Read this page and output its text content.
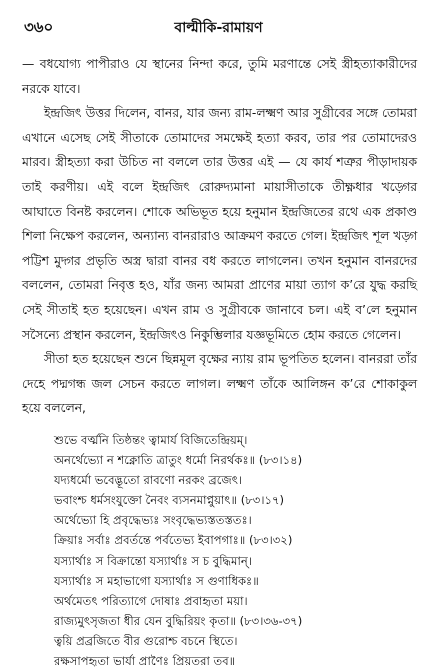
৩৬০	বাল্মীকি-রামায়ণ

— বধযোগ্য পাপীরাও যে স্থানের নিন্দা করে, তুমি মরণান্তে সেই স্ত্রীহত্যাকারীদের নরকে যাবে।

ইন্দ্রজিৎ উত্তর দিলেন, বানর, যার জন্য রাম-লক্ষ্মণ আর সুগ্রীবের সঙ্গে তোমরা এখানে এসেছ সেই সীতাকে তোমাদের সমক্ষেই হত্যা করব, তার পর তোমাদেরও মারব। স্ত্রীহত্যা করা উচিত না বললে তার উত্তর এই — যে কার্য শত্রুর পীড়াদায়ক তাই করণীয়। এই বলে ইন্দ্রজিৎ রোরুদ্যমানা মায়াসীতাকে তীক্ষ্ণধার খড়্গের আঘাতে বিনষ্ট করলেন। শোকে অভিভূত হয়ে হনুমান ইন্দ্রজিতের রথে এক প্রকাণ্ড শিলা নিক্ষেপ করলেন, অন্যান্য বানরারাও আক্রমণ করতে গেল। ইন্দ্রজিৎ শূল খড়্গ পট্টিশ মুদ্গর প্রভৃতি অস্ত্র দ্বারা বানর বধ করতে লাগলেন। তখন হনুমান বানরদের বললেন, তোমরা নিবৃত্ত হও, যাঁর জন্য আমরা প্রাণের মায়া ত্যাগ ক’রে যুদ্ধ করছি সেই সীতাই হত হয়েছেন। এখন রাম ও সুগ্রীবকে জানাবে চল। এই ব’লে হনুমান সসৈন্যে প্রস্থান করলেন, ইন্দ্রজিৎও নিকুম্ভিলার যজ্ঞভূমিতে হোম করতে গেলেন।

সীতা হত হয়েছেন শুনে ছিন্নমূল বৃক্ষের ন্যায় রাম ভূপতিত হলেন। বানররা তাঁর দেহে পদ্মগন্ধ জল সেচন করতে লাগল। লক্ষ্মণ তাঁকে আলিঙ্গন ক’রে শোকাকুল হয়ে বললেন,

শুভে বর্ত্মনি তিষ্ঠন্তং ত্বামার্য বিজিতেন্দ্রিয়ম্।
অনর্থেভ্যো ন শক্নোতি ত্রাতুং ধর্মো নিরর্থকঃ॥ (৮৩।১৪)
যদ্যধর্মো ভবেদ্ভূতো রাবণো নরকং ব্রজেৎ।
ভবাংশ্চ ধর্মসংযুক্তো নৈবং ব্যসনমাপ্নুয়াৎ॥ (৮৩।১৭)
অর্থেভ্যো হি প্রবৃদ্ধেভ্যঃ সংবৃদ্ধেভ্যস্ততস্ততঃ।
ক্রিয়াঃ সর্বাঃ প্রবর্তন্তে পর্বতেভ্য ইবাপগাঃ॥ (৮৩।৩২)
যস্যার্থাঃ স বিক্রান্তো যস্যার্থাঃ স চ বুদ্ধিমান্।
যস্যার্থাঃ স মহাভাগো যস্যার্থাঃ স গুণাধিকঃ॥
অর্থমেতৎ পরিত্যাগে দোষাঃ প্রবাহৃতা ময়া।
রাজ্যমুৎসৃজতা ধীর যেন বুদ্ধিরিয়ং কৃতা॥ (৮৩।৩৬-৩৭)
ত্বয়ি প্রব্রজিতে বীর গুরোশ্চ বচনে স্থিতে।
রক্ষসাপহৃতা ভার্যা প্রাণৈঃ প্রিয়তরা তব॥
